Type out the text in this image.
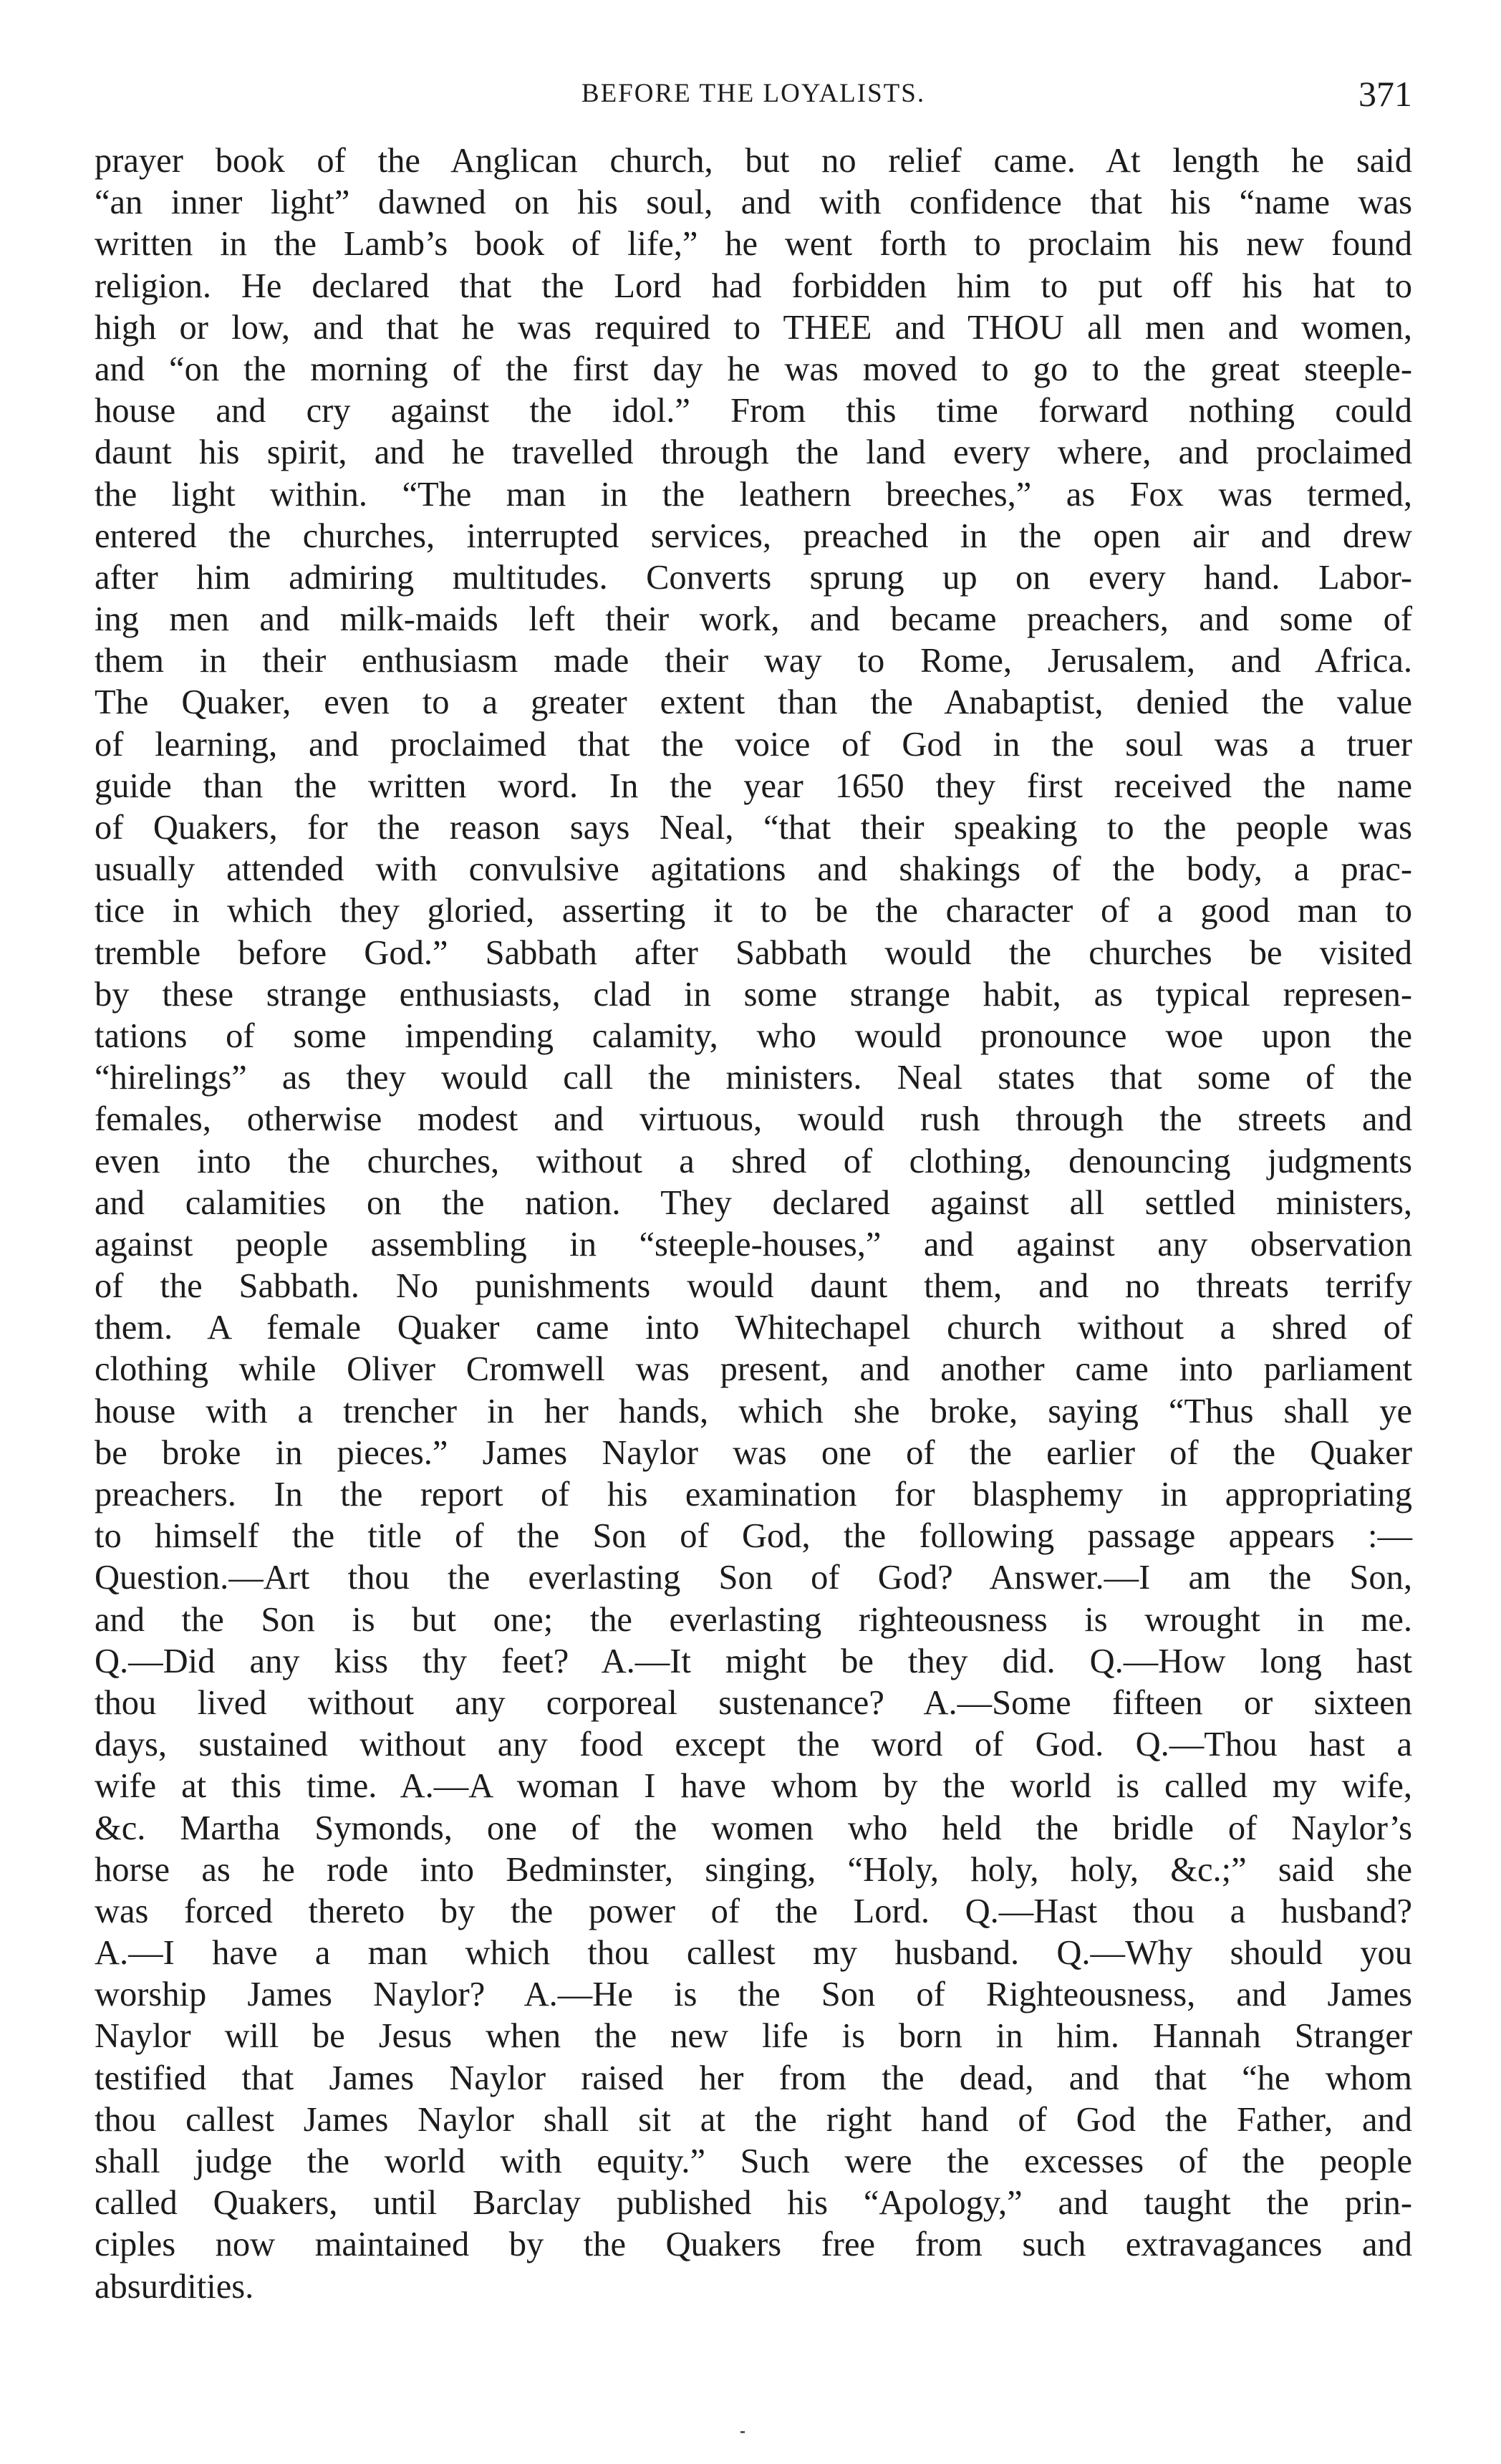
BEFORE THE LOYALISTS.	371
prayer book of the Anglican church, but no relief came. At length he said
“an inner light” dawned on his soul, and with confidence that his “name was
written in the Lamb’s book of life,” he went forth to proclaim his new found
religion. He declared that the Lord had forbidden him to put off his hat to
high or low, and that he was required to THEE and THOU all men and women,
and “on the morning of the first day he was moved to go to the great steeple-
house and cry against the idol.” From this time forward nothing could
daunt his spirit, and he travelled through the land every where, and proclaimed
the light within. “The man in the leathern breeches,” as Fox was termed,
entered the churches, interrupted services, preached in the open air and drew
after him admiring multitudes. Converts sprung up on every hand. Labor-
ing men and milk-maids left their work, and became preachers, and some of
them in their enthusiasm made their way to Rome, Jerusalem, and Africa.
The Quaker, even to a greater extent than the Anabaptist, denied the value
of learning, and proclaimed that the voice of God in the soul was a truer
guide than the written word. In the year 1650 they first received the name
of Quakers, for the reason says Neal, “that their speaking to the people was
usually attended with convulsive agitations and shakings of the body, a prac-
tice in which they gloried, asserting it to be the character of a good man to
tremble before God.” Sabbath after Sabbath would the churches be visited
by these strange enthusiasts, clad in some strange habit, as typical represen-
tations of some impending calamity, who would pronounce woe upon the
“hirelings” as they would call the ministers. Neal states that some of the
females, otherwise modest and virtuous, would rush through the streets and
even into the churches, without a shred of clothing, denouncing judgments
and calamities on the nation. They declared against all settled ministers,
against people assembling in “steeple-houses,” and against any observation
of the Sabbath. No punishments would daunt them, and no threats terrify
them. A female Quaker came into Whitechapel church without a shred of
clothing while Oliver Cromwell was present, and another came into parliament
house with a trencher in her hands, which she broke, saying “Thus shall ye
be broke in pieces.” James Naylor was one of the earlier of the Quaker
preachers. In the report of his examination for blasphemy in appropriating
to himself the title of the Son of God, the following passage appears :—
Question.—Art thou the everlasting Son of God? Answer.—I am the Son,
and the Son is but one; the everlasting righteousness is wrought in me.
Q.—Did any kiss thy feet? A.—It might be they did. Q.—How long hast
thou lived without any corporeal sustenance? A.—Some fifteen or sixteen
days, sustained without any food except the word of God. Q.—Thou hast a
wife at this time. A.—A woman I have whom by the world is called my wife,
&c. Martha Symonds, one of the women who held the bridle of Naylor’s
horse as he rode into Bedminster, singing, “Holy, holy, holy, &c.;” said she
was forced thereto by the power of the Lord. Q.—Hast thou a husband?
A.—I have a man which thou callest my husband. Q.—Why should you
worship James Naylor? A.—He is the Son of Righteousness, and James
Naylor will be Jesus when the new life is born in him. Hannah Stranger
testified that James Naylor raised her from the dead, and that “he whom
thou callest James Naylor shall sit at the right hand of God the Father, and
shall judge the world with equity.” Such were the excesses of the people
called Quakers, until Barclay published his “Apology,” and taught the prin-
ciples now maintained by the Quakers free from such extravagances and
absurdities.
